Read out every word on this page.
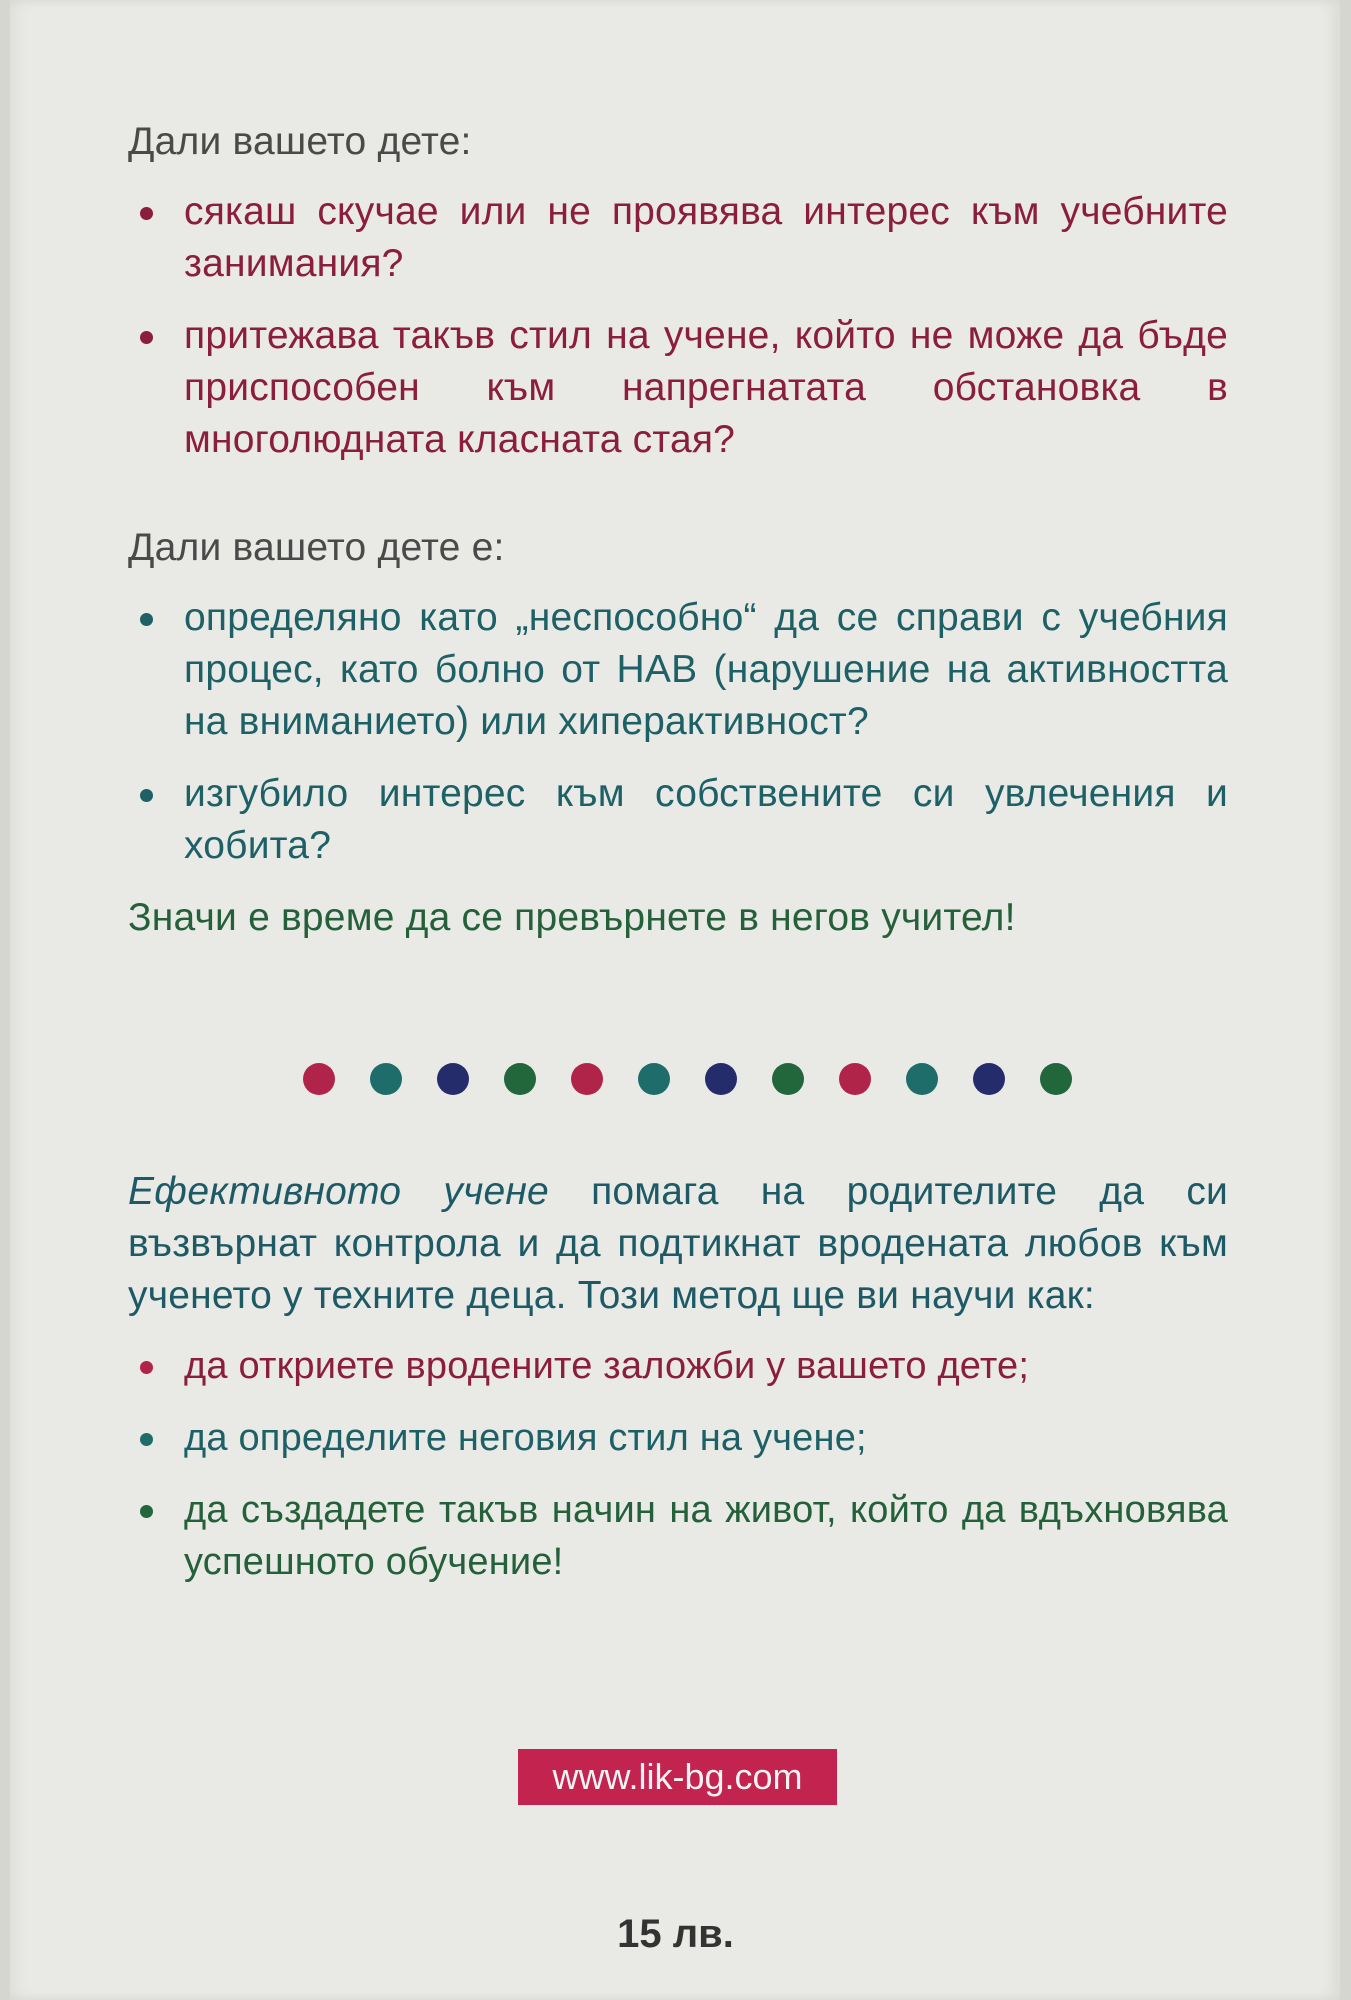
Дали вашето дете:

сякаш скучае или не проявява интерес към учебните занимания?
притежава такъв стил на учене, който не може да бъде приспособен към напрегнатата обстановка в многолюдната класната стая?

Дали вашето дете е:

определяно като „неспособно“ да се справи с учебния процес, като болно от НАВ (нарушение на активността на вниманието) или хиперактивност?
изгубило интерес към собствените си увлечения и хобита?

Значи е време да се превърнете в негов учител!

Ефективното учене помага на родителите да си възвърнат контрола и да подтикнат вродената любов към ученето у техните деца. Този метод ще ви научи как:

да откриете вродените заложби у вашето дете;
да определите неговия стил на учене;
да създадете такъв начин на живот, който да вдъхновява успешното обучение!
www.lik-bg.com
15 лв.
